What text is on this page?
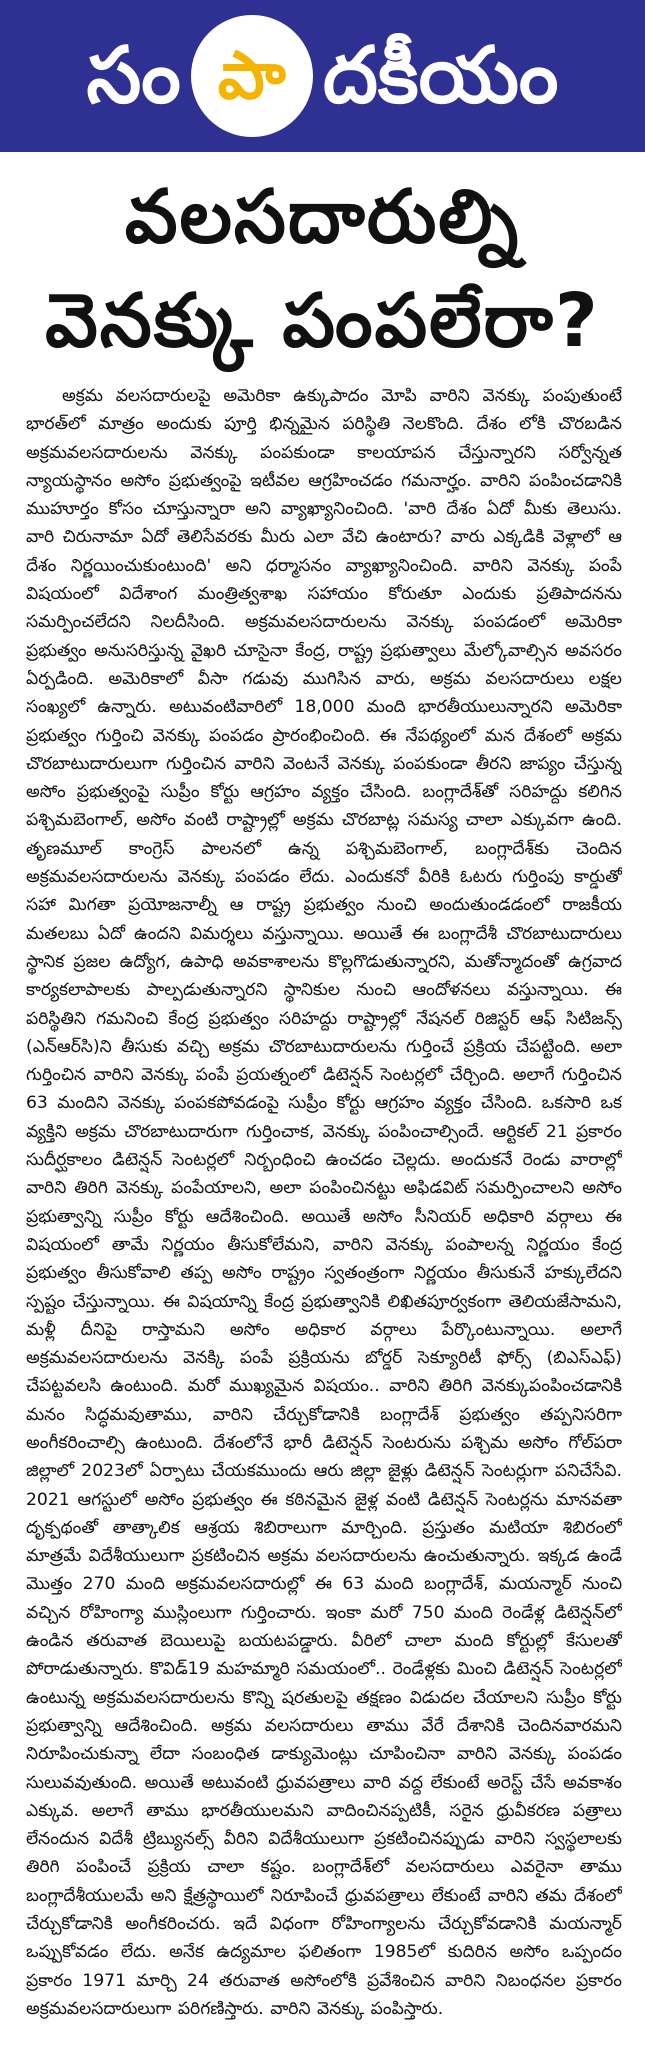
సం పా దకీయం
వలసదారుల్ని
వెనక్కు పంపలేరా?
అక్రమ వలసదారులపై అమెరికా ఉక్కుపాదం మోపి వారిని వెనక్కు పంపుతుంటే భారత్‌లో మాత్రం అందుకు పూర్తి భిన్నమైన పరిస్థితి నెలకొంది. దేశం లోకి చొరబడిన అక్రమవలసదారులను వెనక్కు పంపకుండా కాలయాపన చేస్తున్నారని సర్వోన్నత న్యాయస్థానం అసోం ప్రభుత్వంపై ఇటీవల ఆగ్రహించడం గమనార్హం. వారిని పంపించడానికి ముహూర్తం కోసం చూస్తున్నారా అని వ్యాఖ్యానించింది. 'వారి దేశం ఏదో మీకు తెలుసు. వారి చిరునామా ఏదో తెలిసేవరకు మీరు ఎలా వేచి ఉంటారు? వారు ఎక్కడికి వెళ్లాలో ఆ దేశం నిర్ణయించుకుంటుంది' అని ధర్మాసనం వ్యాఖ్యానించింది. వారిని వెనక్కు పంపే విషయంలో విదేశాంగ మంత్రిత్వశాఖ సహాయం కోరుతూ ఎందుకు ప్రతిపాదనను సమర్పించలేదని నిలదీసింది. అక్రమవలసదారులను వెనక్కు పంపడంలో అమెరికా ప్రభుత్వం అనుసరిస్తున్న వైఖరి చూసైనా కేంద్ర, రాష్ట్ర ప్రభుత్వాలు మేల్కోవాల్సిన అవసరం ఏర్పడింది. అమెరికాలో వీసా గడువు ముగిసిన వారు, అక్రమ వలసదారులు లక్షల సంఖ్యలో ఉన్నారు. అటువంటివారిలో 18,000 మంది భారతీయులున్నారని అమెరికా ప్రభుత్వం గుర్తించి వెనక్కు పంపడం ప్రారంభించింది. ఈ నేపథ్యంలో మన దేశంలో అక్రమ చొరబాటుదారులుగా గుర్తించిన వారిని వెంటనే వెనక్కు పంపకుండా తీరని జాప్యం చేస్తున్న అసోం ప్రభుత్వంపై సుప్రీం కోర్టు ఆగ్రహం వ్యక్తం చేసింది. బంగ్లాదేశ్‌తో సరిహద్దు కలిగిన పశ్చిమబెంగాల్, అసోం వంటి రాష్ట్రాల్లో అక్రమ చొరబాట్ల సమస్య చాలా ఎక్కువగా ఉంది. తృణమూల్ కాంగ్రెస్ పాలనలో ఉన్న పశ్చిమబెంగాల్, బంగ్లాదేశ్‌కు చెందిన అక్రమవలసదారులను వెనక్కు పంపడం లేదు. ఎందుకనో వీరికి ఓటరు గుర్తింపు కార్డుతో సహా మిగతా ప్రయోజనాల్నీ ఆ రాష్ట్ర ప్రభుత్వం నుంచి అందుతుండడంలో రాజకీయ మతలబు ఏదో ఉందని విమర్శలు వస్తున్నాయి. అయితే ఈ బంగ్లాదేశీ చొరబాటుదారులు స్థానిక ప్రజల ఉద్యోగ, ఉపాధి అవకాశాలను కొల్లగొడుతున్నారని, మతోన్మాదంతో ఉగ్రవాద కార్యకలాపాలకు పాల్పడుతున్నారని స్థానికుల నుంచి ఆందోళనలు వస్తున్నాయి. ఈ పరిస్థితిని గమనించి కేంద్ర ప్రభుత్వం సరిహద్దు రాష్ట్రాల్లో నేషనల్ రిజిస్టర్ ఆఫ్ సిటిజన్స్ (ఎన్ఆర్‌సి)ని తీసుకు వచ్చి అక్రమ చొరబాటుదారులను గుర్తించే ప్రక్రియ చేపట్టింది. అలా గుర్తించిన వారిని వెనక్కు పంపే ప్రయత్నంలో డిటెన్షన్ సెంటర్లలో చేర్చింది. అలాగే గుర్తించిన 63 మందిని వెనక్కు పంపకపోవడంపై సుప్రీం కోర్టు ఆగ్రహం వ్యక్తం చేసింది. ఒకసారి ఒక వ్యక్తిని అక్రమ చొరబాటుదారుగా గుర్తించాక, వెనక్కు పంపించాల్సిందే. ఆర్టికల్ 21 ప్రకారం సుదీర్ఘకాలం డిటెన్షన్ సెంటర్లలో నిర్బంధించి ఉంచడం చెల్లదు. అందుకనే రెండు వారాల్లో వారిని తిరిగి వెనక్కు పంపేయాలని, అలా పంపించినట్టు అఫిడవిట్ సమర్పించాలని అసోం ప్రభుత్వాన్ని సుప్రీం కోర్టు ఆదేశించింది. అయితే అసోం సీనియర్ అధికారి వర్గాలు ఈ విషయంలో తామే నిర్ణయం తీసుకోలేమని, వారిని వెనక్కు పంపాలన్న నిర్ణయం కేంద్ర ప్రభుత్వం తీసుకోవాలి తప్ప అసోం రాష్ట్రం స్వతంత్రంగా నిర్ణయం తీసుకునే హక్కులేదని స్పష్టం చేస్తున్నాయి. ఈ విషయాన్ని కేంద్ర ప్రభుత్వానికి లిఖితపూర్వకంగా తెలియజేసామని, మళ్లీ దీనిపై రాస్తామని అసోం అధికార వర్గాలు పేర్కొంటున్నాయి. అలాగే అక్రమవలసదారులను వెనక్కి పంపే ప్రక్రియను బోర్డర్ సెక్యూరిటీ ఫోర్స్ (బిఎస్ఎఫ్) చేపట్టవలసి ఉంటుంది. మరో ముఖ్యమైన విషయం.. వారిని తిరిగి వెనక్కుపంపించడానికి మనం సిద్ధమవుతాము, వారిని చేర్చుకోడానికి బంగ్లాదేశ్ ప్రభుత్వం తప్పనిసరిగా అంగీకరించాల్సి ఉంటుంది. దేశంలోనే భారీ డిటెన్షన్ సెంటరును పశ్చిమ అసోం గోల్‌పరా జిల్లాలో 2023లో ఏర్పాటు చేయకముందు ఆరు జిల్లా జైళ్లు డిటెన్షన్ సెంటర్లుగా పనిచేసేవి. 2021 ఆగస్టులో అసోం ప్రభుత్వం ఈ కఠినమైన జైళ్ల వంటి డిటెన్షన్ సెంటర్లను మానవతా దృక్పథంతో తాత్కాలిక ఆశ్రయ శిబిరాలుగా మార్చింది. ప్రస్తుతం మటియా శిబిరంలో మాత్రమే విదేశీయులుగా ప్రకటించిన అక్రమ వలసదారులను ఉంచుతున్నారు. ఇక్కడ ఉండే మొత్తం 270 మంది అక్రమవలసదారుల్లో ఈ 63 మంది బంగ్లాదేశ్, మయన్మార్ నుంచి వచ్చిన రోహింగ్యా ముస్లింలుగా గుర్తించారు. ఇంకా మరో 750 మంది రెండేళ్ల డిటెన్షన్‌లో ఉండిన తరువాత బెయిలుపై బయటపడ్డారు. వీరిలో చాలా మంది కోర్టుల్లో కేసులతో పోరాడుతున్నారు. కొవిడ్19 మహమ్మారి సమయంలో.. రెండేళ్లకు మించి డిటెన్షన్ సెంటర్లలో ఉంటున్న అక్రమవలసదారులను కొన్ని షరతులపై తక్షణం విడుదల చేయాలని సుప్రీం కోర్టు ప్రభుత్వాన్ని ఆదేశించింది. అక్రమ వలసదారులు తాము వేరే దేశానికి చెందినవారమని నిరూపించుకున్నా లేదా సంబంధిత డాక్యుమెంట్లు చూపించినా వారిని వెనక్కు పంపడం సులువవుతుంది. అయితే అటువంటి ధ్రువపత్రాలు వారి వద్ద లేకుంటే అరెస్ట్ చేసే అవకాశం ఎక్కువ. అలాగే తాము భారతీయులమని వాదించినప్పటికీ, సరైన ధ్రువీకరణ పత్రాలు లేనందున విదేశీ ట్రిబ్యునల్స్ వీరిని విదేశీయులుగా ప్రకటించినప్పుడు వారిని స్వస్థలాలకు తిరిగి పంపించే ప్రక్రియ చాలా కష్టం. బంగ్లాదేశ్‌లో వలసదారులు ఎవరైనా తాము బంగ్లాదేశీయులమే అని క్షేత్రస్థాయిలో నిరూపించే ధ్రువపత్రాలు లేకుంటే వారిని తమ దేశంలో చేర్చుకోడానికి అంగీకరించరు. ఇదే విధంగా రోహింగ్యాలను చేర్చుకోవడానికి మయన్మార్ ఒప్పుకోవడం లేదు. అనేక ఉద్యమాల ఫలితంగా 1985లో కుదిరిన అసోం ఒప్పందం ప్రకారం 1971 మార్చి 24 తరువాత అసోంలోకి ప్రవేశించిన వారిని నిబంధనల ప్రకారం అక్రమవలసదారులుగా పరిగణిస్తారు. వారిని వెనక్కు పంపిస్తారు.
